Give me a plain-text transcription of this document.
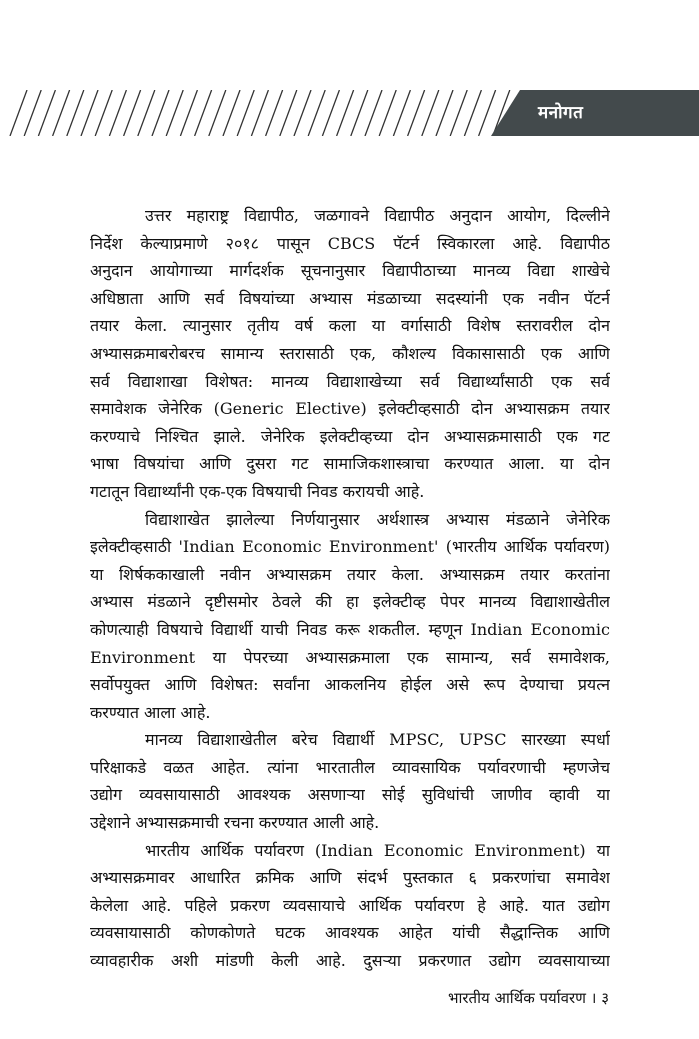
मनोगत
उत्तर महाराष्ट्र विद्यापीठ, जळगावने विद्यापीठ अनुदान आयोग, दिल्लीने
निर्देश केल्याप्रमाणे २०१८ पासून CBCS पॅटर्न स्विकारला आहे. विद्यापीठ
अनुदान आयोगाच्या मार्गदर्शक सूचनानुसार विद्यापीठाच्या मानव्य विद्या शाखेचे
अधिष्ठाता आणि सर्व विषयांच्या अभ्यास मंडळाच्या सदस्यांनी एक नवीन पॅटर्न
तयार केला. त्यानुसार तृतीय वर्ष कला या वर्गासाठी विशेष स्तरावरील दोन
अभ्यासक्रमाबरोबरच सामान्य स्तरासाठी एक, कौशल्य विकासासाठी एक आणि
सर्व विद्याशाखा विशेषत: मानव्य विद्याशाखेच्या सर्व विद्यार्थ्यांसाठी एक सर्व
समावेशक जेनेरिक (Generic Elective) इलेक्टीव्हसाठी दोन अभ्यासक्रम तयार
करण्याचे निश्चित झाले. जेनेरिक इलेक्टीव्हच्या दोन अभ्यासक्रमासाठी एक गट
भाषा विषयांचा आणि दुसरा गट सामाजिकशास्त्राचा करण्यात आला. या दोन
गटातून विद्यार्थ्यांनी एक-एक विषयाची निवड करायची आहे.
विद्याशाखेत झालेल्या निर्णयानुसार अर्थशास्त्र अभ्यास मंडळाने जेनेरिक
इलेक्टीव्हसाठी 'Indian Economic Environment' (भारतीय आर्थिक पर्यावरण)
या शिर्षककाखाली नवीन अभ्यासक्रम तयार केला. अभ्यासक्रम तयार करतांना
अभ्यास मंडळाने दृष्टीसमोर ठेवले की हा इलेक्टीव्ह पेपर मानव्य विद्याशाखेतील
कोणत्याही विषयाचे विद्यार्थी याची निवड करू शकतील. म्हणून Indian Economic
Environment या पेपरच्या अभ्यासक्रमाला एक सामान्य, सर्व समावेशक,
सर्वोपयुक्त आणि विशेषत: सर्वांना आकलनिय होईल असे रूप देण्याचा प्रयत्न
करण्यात आला आहे.
मानव्य विद्याशाखेतील बरेच विद्यार्थी MPSC, UPSC सारख्या स्पर्धा
परिक्षाकडे वळत आहेत. त्यांना भारतातील व्यावसायिक पर्यावरणाची म्हणजेच
उद्योग व्यवसायासाठी आवश्यक असणाऱ्या सोई सुविधांची जाणीव व्हावी या
उद्देशाने अभ्यासक्रमाची रचना करण्यात आली आहे.
भारतीय आर्थिक पर्यावरण (Indian Economic Environment) या
अभ्यासक्रमावर आधारित क्रमिक आणि संदर्भ पुस्तकात ६ प्रकरणांचा समावेश
केलेला आहे. पहिले प्रकरण व्यवसायाचे आर्थिक पर्यावरण हे आहे. यात उद्योग
व्यवसायासाठी कोणकोणते घटक आवश्यक आहेत यांची सैद्धान्तिक आणि
व्यावहारीक अशी मांडणी केली आहे. दुसऱ्या प्रकरणात उद्योग व्यवसायाच्या
भारतीय आर्थिक पर्यावरण । ३
